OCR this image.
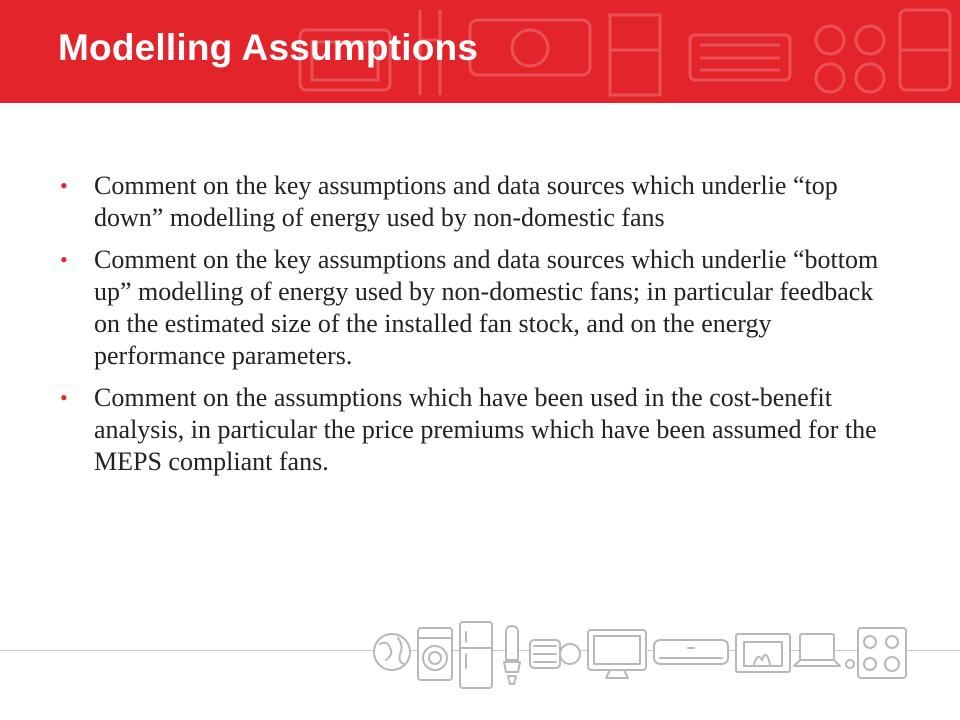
Modelling Assumptions
• Comment on the key assumptions and data sources which underlie “top down” modelling of energy used by non-domestic fans
• Comment on the key assumptions and data sources which underlie “bottom up” modelling of energy used by non-domestic fans; in particular feedback on the estimated size of the installed fan stock, and on the energy performance parameters.
• Comment on the assumptions which have been used in the cost-benefit analysis, in particular the price premiums which have been assumed for the MEPS compliant fans.
